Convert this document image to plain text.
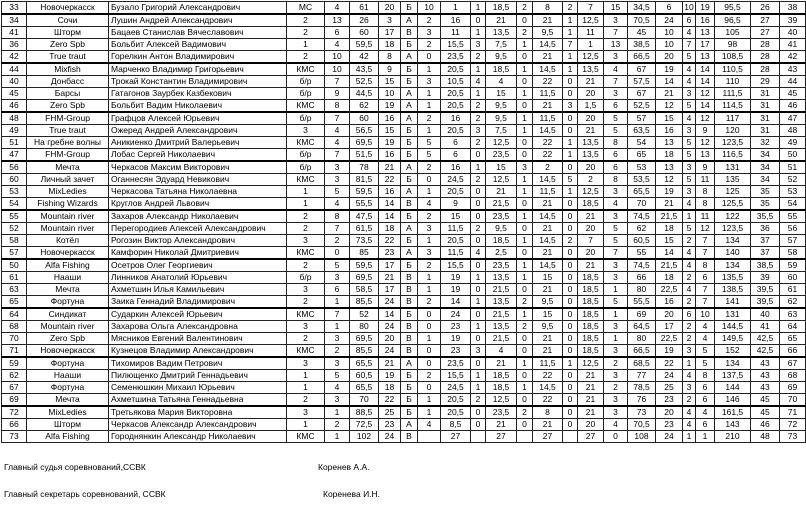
33	Новочеркасск	Бузало Григорий Александрович	МС	4	61	20	Б	10	1	1	18,5	2	8	2	7	15	34,5	6	10	19	95,5	26	38
34	Сочи	Лушин Андрей Александрович	2	13	26	3	А	2	16	0	21	0	21	1	12,5	3	70,5	24	6	16	96,5	27	39
41	Шторм	Бацаев Станислав Вячеславович	2	6	60	17	В	3	11	1	13,5	2	9,5	1	11	7	45	10	4	13	105	27	40
36	Zero Spb	Больбит Алексей Вадимович	1	4	59,5	18	Б	2	15,5	3	7,5	1	14,5	7	1	13	38,5	10	7	17	98	28	41
42	True traut	Горелкин Антон Владимирович	2	10	42	8	А	0	23,5	2	9,5	0	21	1	12,5	3	66,5	20	5	13	108,5	28	42
44	Mixfish	Марченко Владимир Григорьевич	КМС	10	43,5	9	Б	1	20,5	1	18,5	1	14,5	1	13,5	4	67	19	4	14	110,5	28	43
40	Донбасс	Трокай Константин Владимирович	б/р	7	52,5	15	Б	3	10,5	4	4	0	22	0	21	7	57,5	14	4	14	110	29	44
45	Барсы	Гатагонов Заурбек Казбекович	б/р	9	44,5	10	А	1	20,5	1	15	1	11,5	0	20	3	67	21	3	12	111,5	31	45
46	Zero Spb	Больбит Вадим Николаевич	КМС	8	62	19	А	1	20,5	2	9,5	0	21	3	1,5	6	52,5	12	5	14	114,5	31	46
48	FHM-Group	Графцов Алексей Юрьевич	б/р	7	60	16	А	2	16	2	9,5	1	11,5	0	20	5	57	15	4	12	117	31	47
49	True traut	Ожеред Андрей Александрович	3	4	56,5	15	Б	1	20,5	3	7,5	1	14,5	0	21	5	63,5	16	3	9	120	31	48
51	На гребне волны	Аникиенко Дмитрий Валерьевич	КМС	4	69,5	19	Б	5	6	2	12,5	0	22	1	13,5	8	54	13	5	12	123,5	32	49
47	FHM-Group	Лобас Сергей Николаевич	б/р	7	51,5	16	Б	5	6	0	23,5	0	22	1	13,5	6	65	18	5	13	116,5	34	50
56	Мечта	Черкасов Максим Викторович	б/р	3	78	21	А	2	16	1	15	3	2	0	20	6	53	13	3	9	131	34	51
60	Личный зачет	Оганнесян Эдуард Невикович	КМС	3	81,5	22	Б	0	24,5	2	12,5	1	14,5	5	2	8	53,5	12	5	11	135	34	52
53	MixLedies	Черкасова Татьяна Николаевна	1	5	59,5	16	А	1	20,5	0	21	1	11,5	1	12,5	3	65,5	19	3	8	125	35	53
54	Fishing Wizards	Круглов Андрей Львович	1	4	55,5	14	В	4	9	0	21,5	0	21	0	18,5	4	70	21	4	8	125,5	35	54
55	Mountain river	Захаров Александр Николаевич	2	8	47,5	14	Б	2	15	0	23,5	1	14,5	0	21	3	74,5	21,5	1	11	122	35,5	55
52	Mountain river	Перегородиев Алексей Александрович	2	7	61,5	18	А	3	11,5	2	9,5	0	21	0	20	5	62	18	5	12	123,5	36	56
58	Котёл	Рогозин Виктор Александрович	3	2	73,5	22	Б	1	20,5	0	18,5	1	14,5	2	7	5	60,5	15	2	7	134	37	57
57	Новочеркасск	Камфорин Николай Дмитриевич	КМС	0	85	23	А	3	11,5	4	2,5	0	21	0	20	7	55	14	4	7	140	37	58
50	Alfa Fishing	Осетров Олег Георгиевич	2	5	59,5	17	Б	2	15,5	0	23,5	1	14,5	0	21	3	74,5	21,5	4	8	134	38,5	59
61	Нааши	Линников Анатолий Юрьевич	б/р	3	69,5	21	В	1	19	1	13,5	1	15	0	18,5	3	66	18	2	6	135,5	39	60
63	Мечта	Ахметшин Илья Камильевич	3	6	58,5	17	В	1	19	0	21,5	0	21	0	18,5	1	80	22,5	4	7	138,5	39,5	61
65	Фортуна	Заика Геннадий Владимирович	2	1	85,5	24	В	2	14	1	13,5	2	9,5	0	18,5	5	55,5	16	2	7	141	39,5	62
64	Синдикат	Сударкин Алексей Юрьевич	КМС	7	52	14	Б	0	24	0	21,5	1	15	0	18,5	1	69	20	6	10	131	40	63
68	Mountain river	Захарова Ольга Александровна	3	1	80	24	В	0	23	1	13,5	2	9,5	0	18,5	3	64,5	17	2	4	144,5	41	64
70	Zero Spb	Мясников Евгений Валентинович	2	3	69,5	20	В	1	19	0	21,5	0	21	0	18,5	1	80	22,5	2	4	149,5	42,5	65
71	Новочеркасск	Кузнецов Владимир Александрович	КМС	2	85,5	24	В	0	23	3	4	0	21	0	18,5	3	66,5	19	3	5	152	42,5	66
59	Фортуна	Тихомиров Вадим Петрович	3	3	65,5	21	А	0	23,5	0	21	1	11,5	1	12,5	2	68,5	22	1	5	134	43	67
62	Нааши	Пилющенко Дмитрий Геннадьевич	1	5	60,5	19	Б	2	15,5	1	18,5	0	22	0	21	3	77	24	4	8	137,5	43	68
67	Фортуна	Семенюшкин Михаил Юрьевич	1	4	65,5	18	Б	0	24,5	1	18,5	1	14,5	0	21	2	78,5	25	3	6	144	43	69
69	Мечта	Ахметшина Татьяна Геннадьевна	2	3	70	22	Б	1	20,5	2	12,5	0	22	0	21	3	76	23	2	6	146	45	70
72	MixLedies	Третьякова Мария Викторовна	3	1	88,5	25	Б	1	20,5	0	23,5	2	8	0	21	3	73	20	4	4	161,5	45	71
66	Шторм	Черкасов Александр Александрович	1	2	72,5	23	А	4	8,5	0	21	0	21	0	20	4	70,5	23	4	6	143	46	72
73	Alfa Fishing	Городнянкин Александр Николаевич	КМС	1	102	24	В		27		27		27		27	0	108	24	1	1	210	48	73
Главный судья соревнований,ССВК	Коренев А.А.
Главный секретарь соревнований, ССВК	Коренева И.Н.
